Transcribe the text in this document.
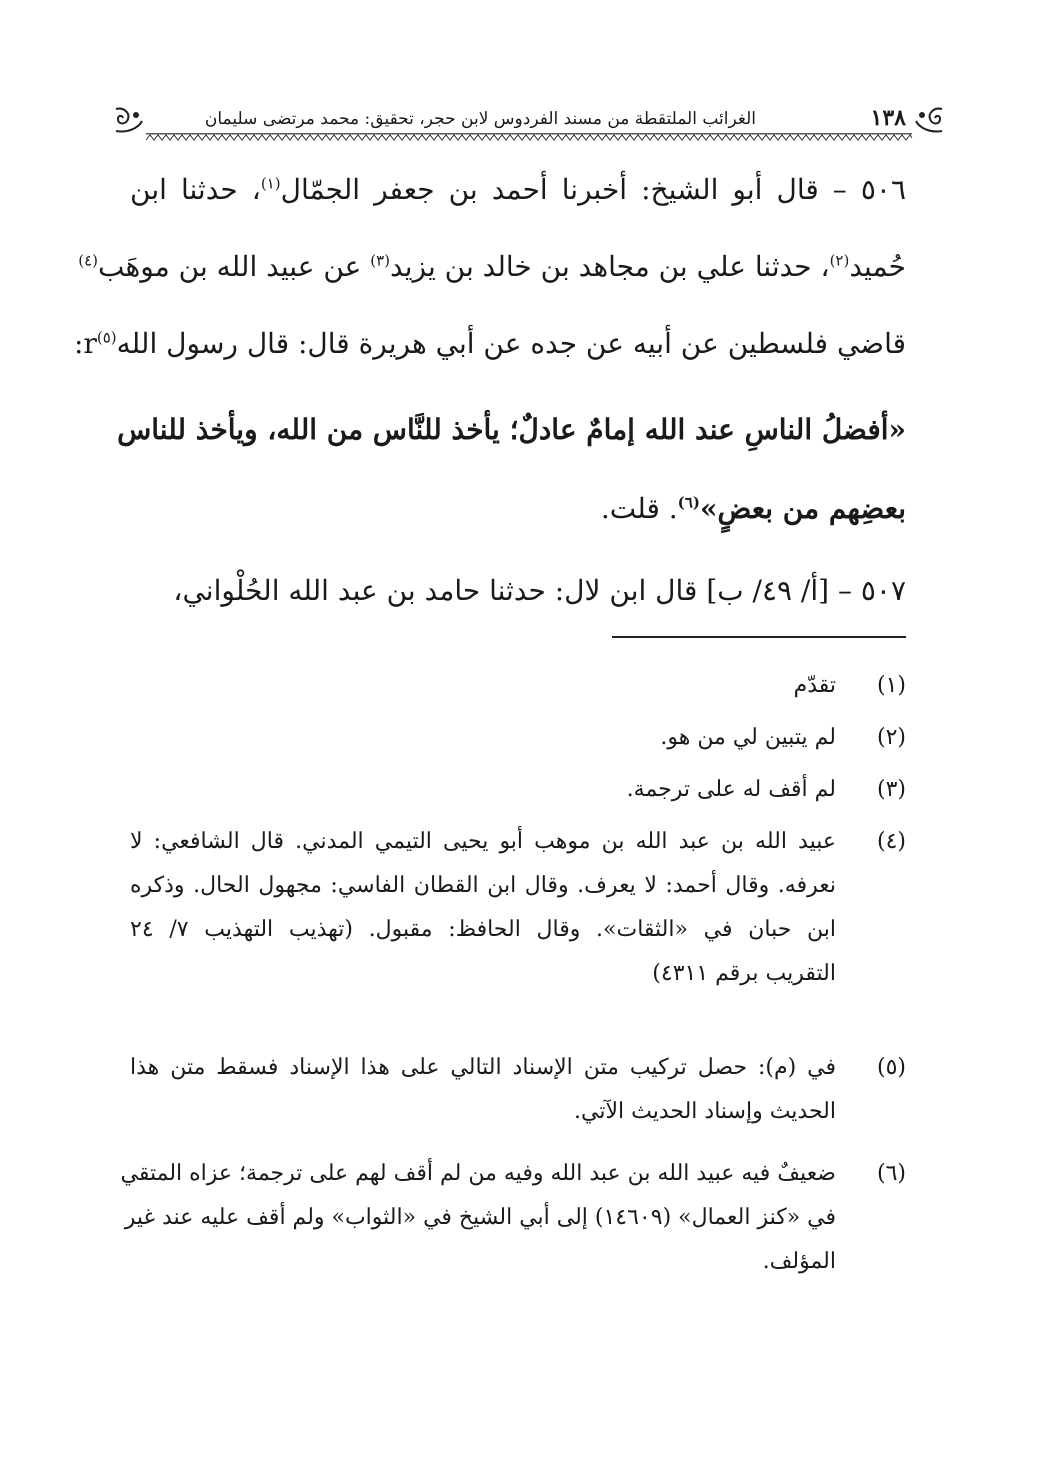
١٣٨
الغرائب الملتقطة من مسند الفردوس لابن حجر، تحقيق: محمد مرتضى سليمان
٥٠٦ – قال أبو الشيخ: أخبرنا أحمد بن جعفر الجمّال$^{(١)}$، حدثنا ابن
حُميد$^{(٢)}$، حدثنا علي بن مجاهد بن خالد بن يزيد$^{(٣)}$ عن عبيد الله بن موهَب$^{(٤)}$
قاضي فلسطين عن أبيه عن جده عن أبي هريرة قال: قال رسول الله$^{(٥)}$r:
«أفضلُ الناسِ عند الله إمامٌ عادلٌ؛ يأخذ للنَّاس من الله، ويأخذ للناس
بعضِهم من بعضٍ»$^{(٦)}$. قلت.
٥٠٧ – [أ/ ٤٩/ ب] قال ابن لال: حدثنا حامد بن عبد الله الحُلْواني،
(١)
تقدّم
(٢)
لم يتبين لي من هو.
(٣)
لم أقف له على ترجمة.
(٤)
عبيد الله بن عبد الله بن موهب أبو يحيى التيمي المدني. قال الشافعي: لا
نعرفه. وقال أحمد: لا يعرف. وقال ابن القطان الفاسي: مجهول الحال. وذكره
ابن حبان في «الثقات». وقال الحافظ: مقبول. (تهذيب التهذيب ٧/ ٢٤
التقريب برقم ٤٣١١)
(٥)
في (م): حصل تركيب متن الإسناد التالي على هذا الإسناد فسقط متن هذا
الحديث وإسناد الحديث الآتي.
(٦)
ضعيفٌ فيه عبيد الله بن عبد الله وفيه من لم أقف لهم على ترجمة؛ عزاه المتقي
في «كنز العمال» (١٤٦٠٩) إلى أبي الشيخ في «الثواب» ولم أقف عليه عند غير
المؤلف.
